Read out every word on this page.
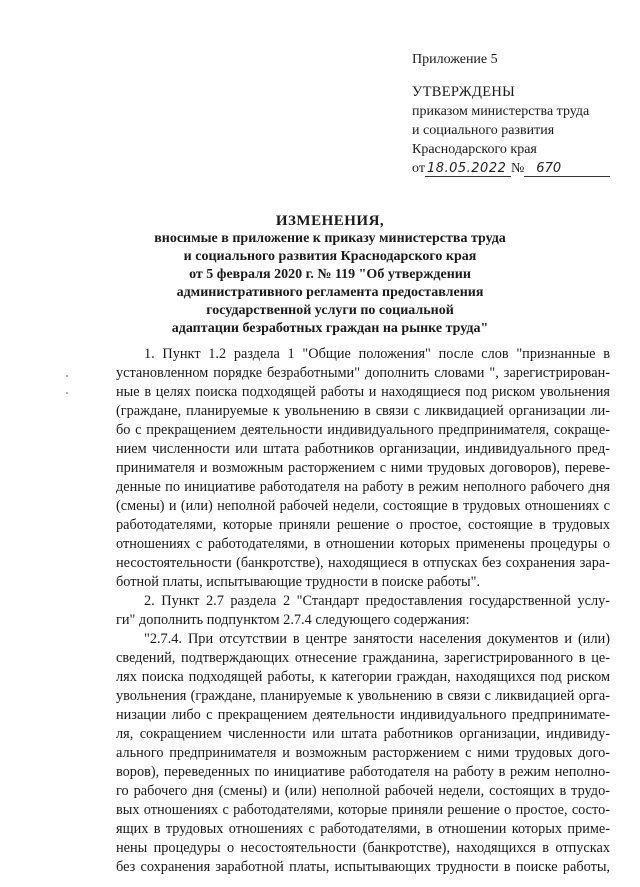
Приложение 5
УТВЕРЖДЕНЫ
приказом министерства труда
и социального развития
Краснодарского края
от 18.05.2022 № 670
ИЗМЕНЕНИЯ,
вносимые в приложение к приказу министерства труда
и социального развития Краснодарского края
от 5 февраля 2020 г. № 119 "Об утверждении
административного регламента предоставления
государственной услуги по социальной
адаптации безработных граждан на рынке труда"
1. Пункт 1.2 раздела 1 "Общие положения" после слов "признанные в
установленном порядке безработными" дополнить словами ", зарегистрирован-
ные в целях поиска подходящей работы и находящиеся под риском увольнения
(граждане, планируемые к увольнению в связи с ликвидацией организации ли-
бо с прекращением деятельности индивидуального предпринимателя, сокраще-
нием численности или штата работников организации, индивидуального пред-
принимателя и возможным расторжением с ними трудовых договоров), переве-
денные по инициативе работодателя на работу в режим неполного рабочего дня
(смены) и (или) неполной рабочей недели, состоящие в трудовых отношениях с
работодателями, которые приняли решение о простое, состоящие в трудовых
отношениях с работодателями, в отношении которых применены процедуры о
несостоятельности (банкротстве), находящиеся в отпусках без сохранения зара-
ботной платы, испытывающие трудности в поиске работы".
2. Пункт 2.7 раздела 2 "Стандарт предоставления государственной услу-
ги" дополнить подпунктом 2.7.4 следующего содержания:
"2.7.4. При отсутствии в центре занятости населения документов и (или)
сведений, подтверждающих отнесение гражданина, зарегистрированного в це-
лях поиска подходящей работы, к категории граждан, находящихся под риском
увольнения (граждане, планируемые к увольнению в связи с ликвидацией орга-
низации либо с прекращением деятельности индивидуального предпринимате-
ля, сокращением численности или штата работников организации, индивиду-
ального предпринимателя и возможным расторжением с ними трудовых дого-
воров), переведенных по инициативе работодателя на работу в режим неполно-
го рабочего дня (смены) и (или) неполной рабочей недели, состоящих в трудо-
вых отношениях с работодателями, которые приняли решение о простое, состо-
ящих в трудовых отношениях с работодателями, в отношении которых приме-
нены процедуры о несостоятельности (банкротстве), находящихся в отпусках
без сохранения заработной платы, испытывающих трудности в поиске работы,
